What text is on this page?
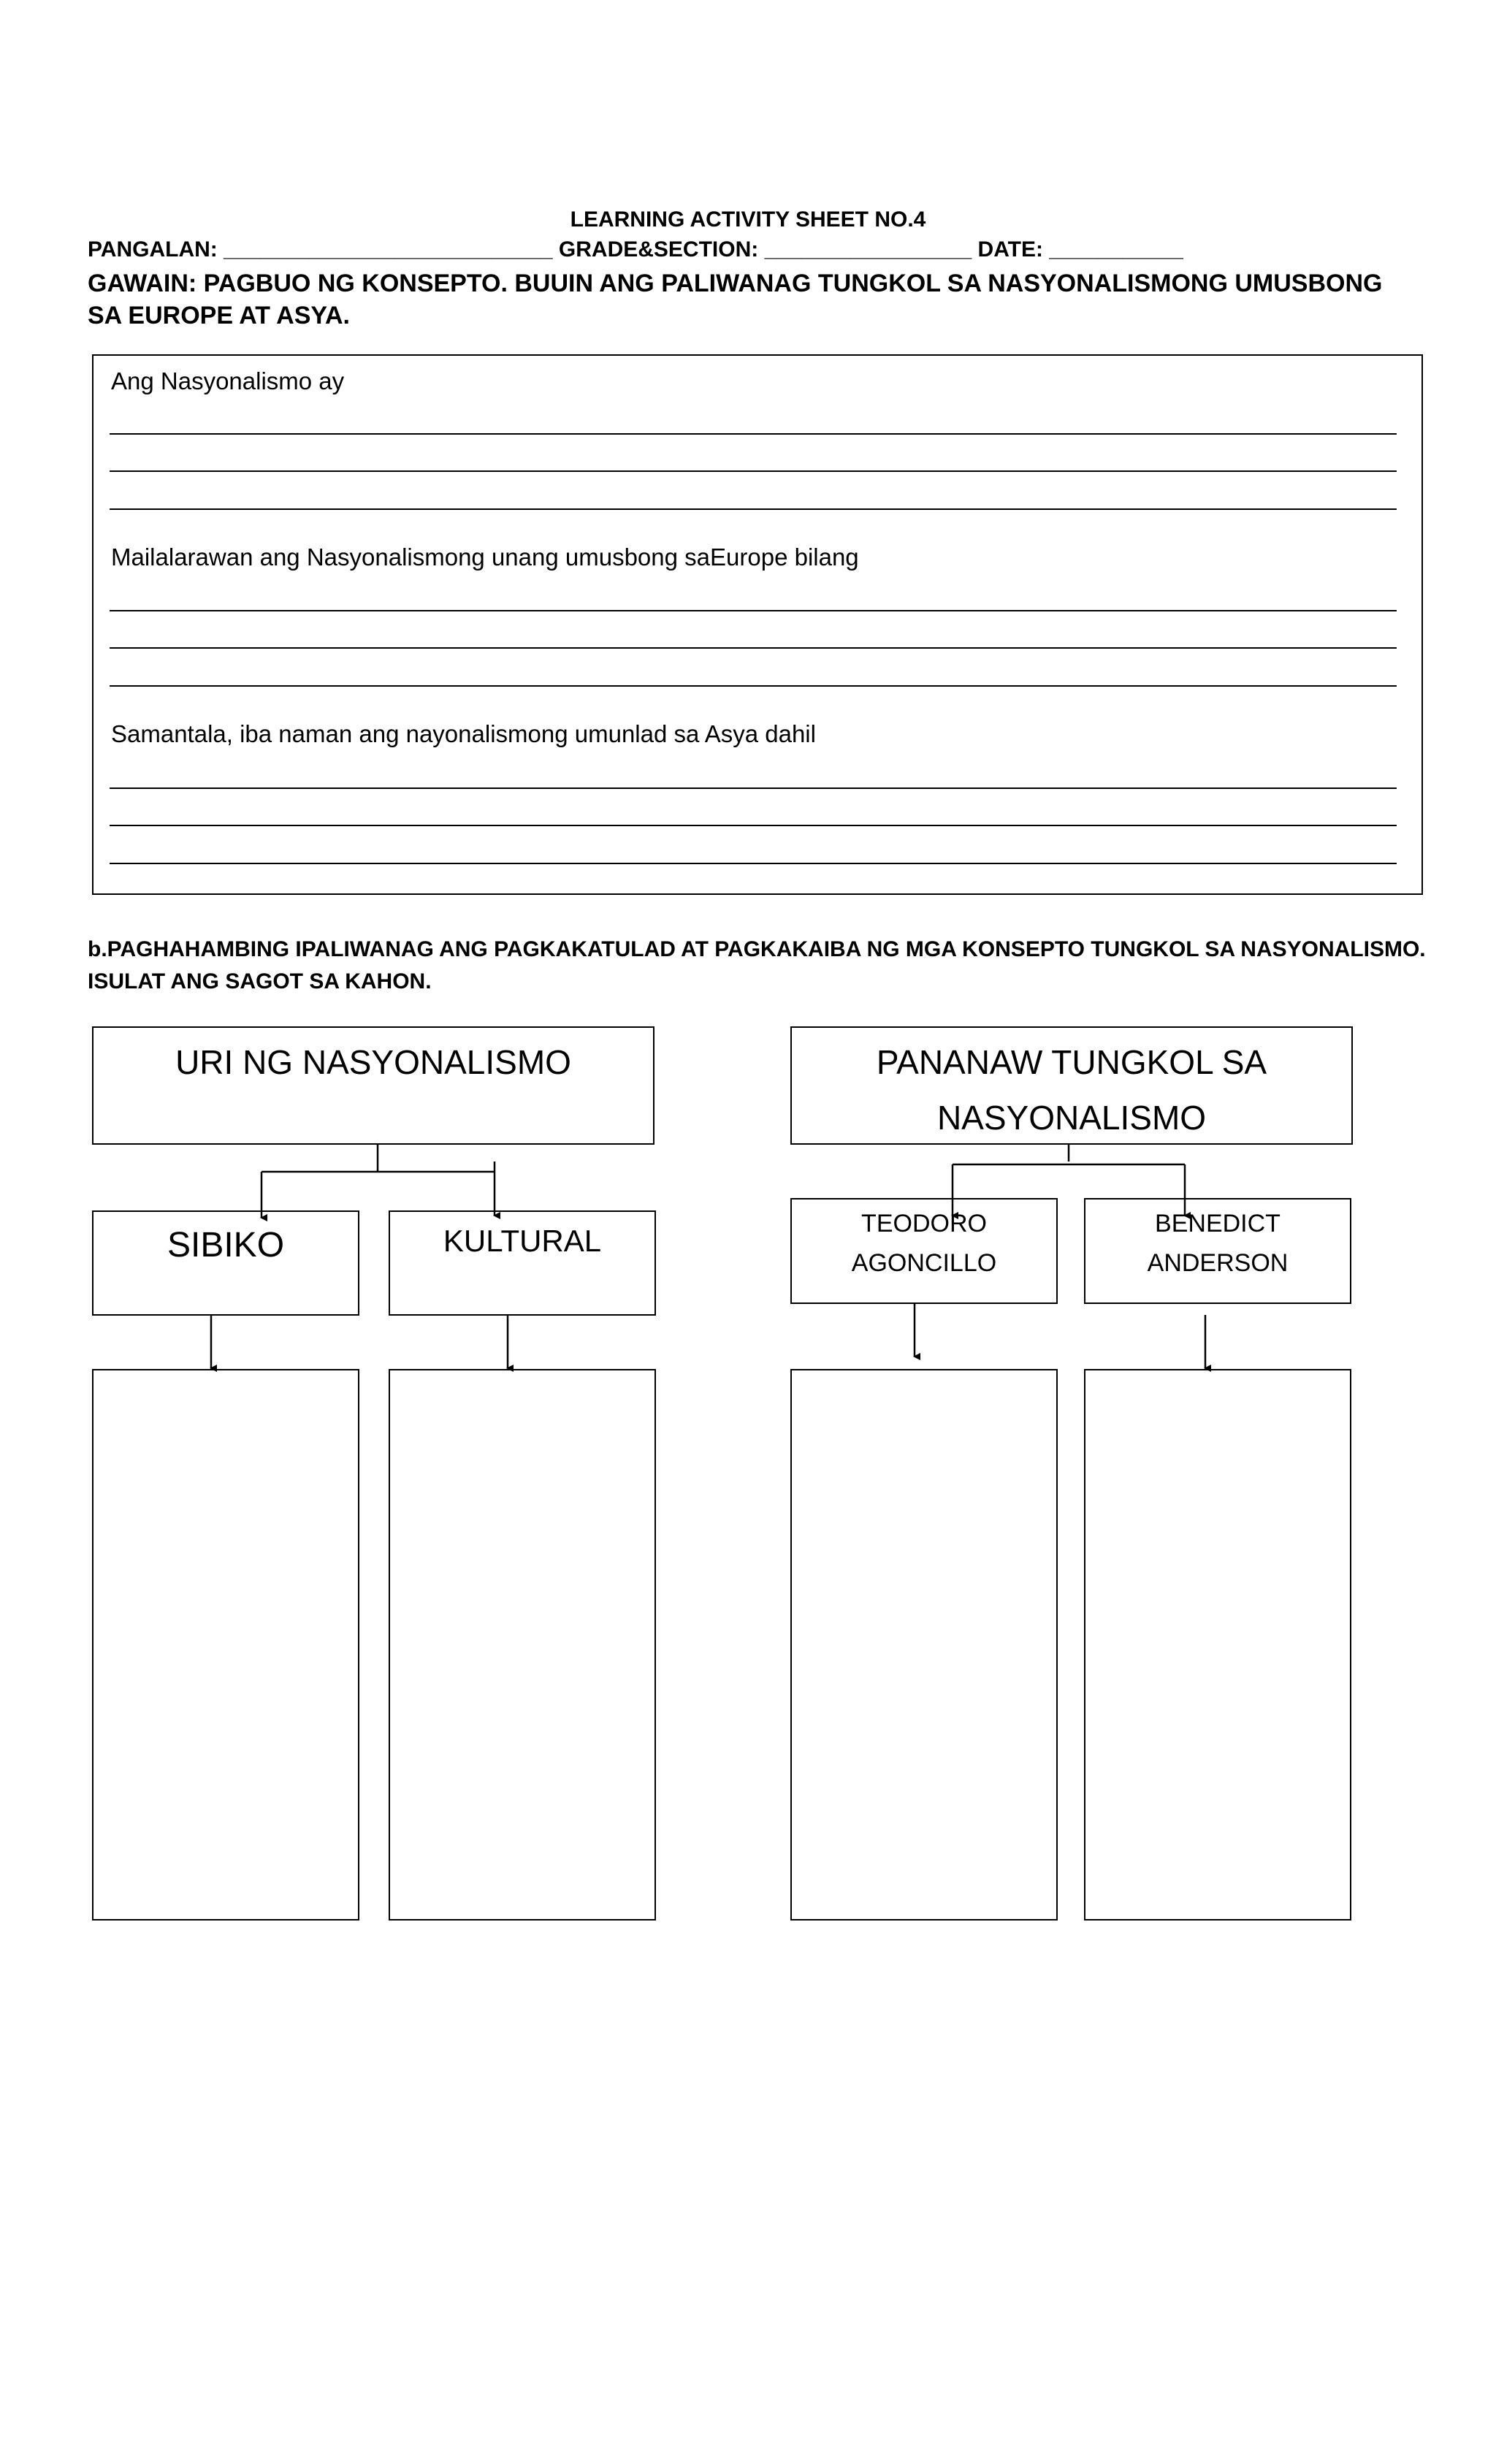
LEARNING ACTIVITY SHEET NO.4
PANGALAN: ___________________________ GRADE&SECTION: _________________ DATE: ___________
GAWAIN: PAGBUO NG KONSEPTO. BUUIN ANG PALIWANAG TUNGKOL SA NASYONALISMONG UMUSBONG SA EUROPE AT ASYA.
Ang Nasyonalismo ay
Mailalarawan ang Nasyonalismong unang umusbong saEurope bilang
Samantala, iba naman ang nayonalismong umunlad sa Asya dahil
b.PAGHAHAMBING IPALIWANAG ANG PAGKAKATULAD AT PAGKAKAIBA NG MGA KONSEPTO TUNGKOL SA NASYONALISMO. ISULAT ANG SAGOT SA KAHON.
URI NG NASYONALISMO
SIBIKO	KULTURAL
PANANAW TUNGKOL SA
NASYONALISMO
TEODORO
AGONCILLO
BENEDICT
ANDERSON
